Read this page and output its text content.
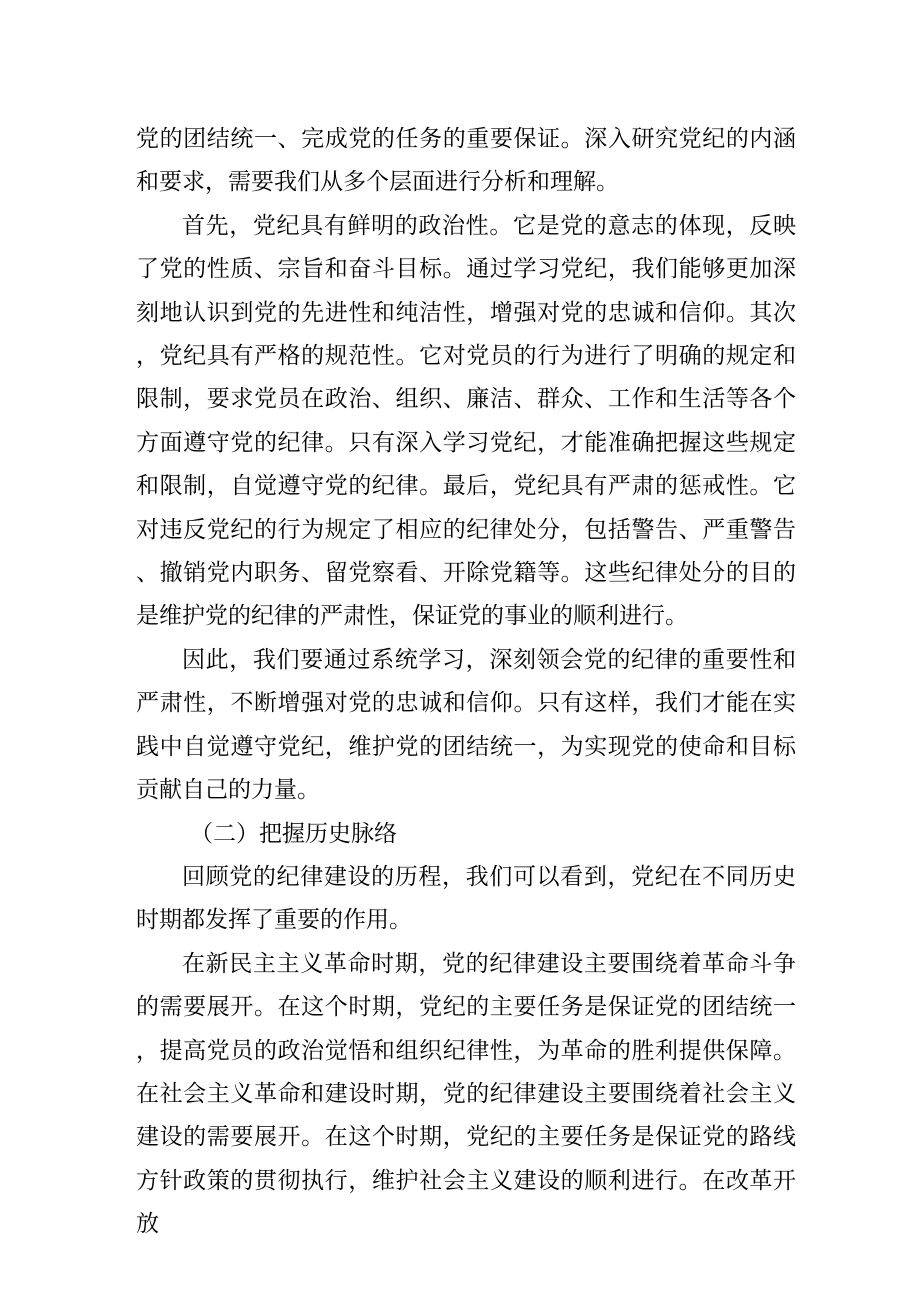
党的团结统一、完成党的任务的重要保证。深入研究党纪的内涵和要求，需要我们从多个层面进行分析和理解。

首先，党纪具有鲜明的政治性。它是党的意志的体现，反映了党的性质、宗旨和奋斗目标。通过学习党纪，我们能够更加深刻地认识到党的先进性和纯洁性，增强对党的忠诚和信仰。其次，党纪具有严格的规范性。它对党员的行为进行了明确的规定和限制，要求党员在政治、组织、廉洁、群众、工作和生活等各个方面遵守党的纪律。只有深入学习党纪，才能准确把握这些规定和限制，自觉遵守党的纪律。最后，党纪具有严肃的惩戒性。它对违反党纪的行为规定了相应的纪律处分，包括警告、严重警告、撤销党内职务、留党察看、开除党籍等。这些纪律处分的目的是维护党的纪律的严肃性，保证党的事业的顺利进行。

因此，我们要通过系统学习，深刻领会党的纪律的重要性和严肃性，不断增强对党的忠诚和信仰。只有这样，我们才能在实践中自觉遵守党纪，维护党的团结统一，为实现党的使命和目标贡献自己的力量。

（二）把握历史脉络

回顾党的纪律建设的历程，我们可以看到，党纪在不同历史时期都发挥了重要的作用。

在新民主主义革命时期，党的纪律建设主要围绕着革命斗争的需要展开。在这个时期，党纪的主要任务是保证党的团结统一，提高党员的政治觉悟和组织纪律性，为革命的胜利提供保障。在社会主义革命和建设时期，党的纪律建设主要围绕着社会主义建设的需要展开。在这个时期，党纪的主要任务是保证党的路线方针政策的贯彻执行，维护社会主义建设的顺利进行。在改革开放
